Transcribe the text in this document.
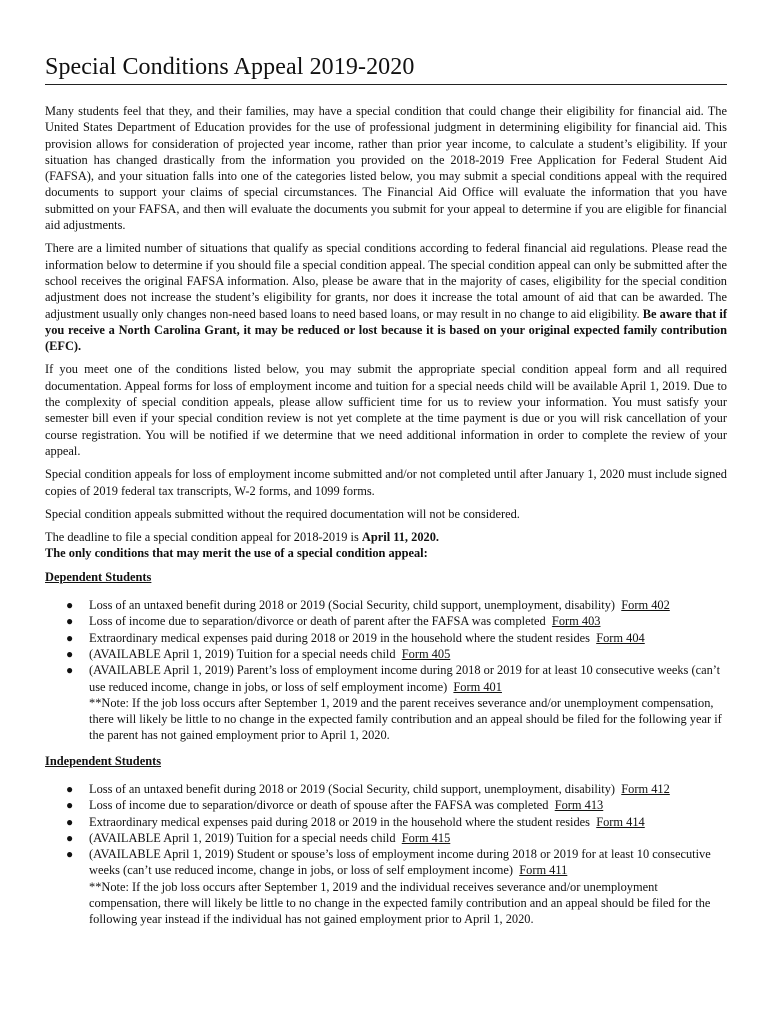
Special Conditions Appeal 2019-2020

Many students feel that they, and their families, may have a special condition that could change their eligibility for financial aid. The United States Department of Education provides for the use of professional judgment in determining eligibility for financial aid. This provision allows for consideration of projected year income, rather than prior year income, to calculate a student’s eligibility. If your situation has changed drastically from the information you provided on the 2018-2019 Free Application for Federal Student Aid (FAFSA), and your situation falls into one of the categories listed below, you may submit a special conditions appeal with the required documents to support your claims of special circumstances. The Financial Aid Office will evaluate the information that you have submitted on your FAFSA, and then will evaluate the documents you submit for your appeal to determine if you are eligible for financial aid adjustments.

There are a limited number of situations that qualify as special conditions according to federal financial aid regulations. Please read the information below to determine if you should file a special condition appeal. The special condition appeal can only be submitted after the school receives the original FAFSA information. Also, please be aware that in the majority of cases, eligibility for the special condition adjustment does not increase the student’s eligibility for grants, nor does it increase the total amount of aid that can be awarded. The adjustment usually only changes non-need based loans to need based loans, or may result in no change to aid eligibility. Be aware that if you receive a North Carolina Grant, it may be reduced or lost because it is based on your original expected family contribution (EFC).

If you meet one of the conditions listed below, you may submit the appropriate special condition appeal form and all required documentation. Appeal forms for loss of employment income and tuition for a special needs child will be available April 1, 2019. Due to the complexity of special condition appeals, please allow sufficient time for us to review your information. You must satisfy your semester bill even if your special condition review is not yet complete at the time payment is due or you will risk cancellation of your course registration. You will be notified if we determine that we need additional information in order to complete the review of your appeal.

Special condition appeals for loss of employment income submitted and/or not completed until after January 1, 2020 must include signed copies of 2019 federal tax transcripts, W-2 forms, and 1099 forms.

Special condition appeals submitted without the required documentation will not be considered.

The deadline to file a special condition appeal for 2018-2019 is April 11, 2020.

The only conditions that may merit the use of a special condition appeal:

Dependent Students

● Loss of an untaxed benefit during 2018 or 2019 (Social Security, child support, unemployment, disability) Form 402
● Loss of income due to separation/divorce or death of parent after the FAFSA was completed Form 403
● Extraordinary medical expenses paid during 2018 or 2019 in the household where the student resides Form 404
● (AVAILABLE April 1, 2019) Tuition for a special needs child Form 405
● (AVAILABLE April 1, 2019) Parent’s loss of employment income during 2018 or 2019 for at least 10 consecutive weeks (can’t use reduced income, change in jobs, or loss of self employment income) Form 401
**Note: If the job loss occurs after September 1, 2019 and the parent receives severance and/or unemployment compensation, there will likely be little to no change in the expected family contribution and an appeal should be filed for the following year if the parent has not gained employment prior to April 1, 2020.

Independent Students

● Loss of an untaxed benefit during 2018 or 2019 (Social Security, child support, unemployment, disability) Form 412
● Loss of income due to separation/divorce or death of spouse after the FAFSA was completed Form 413
● Extraordinary medical expenses paid during 2018 or 2019 in the household where the student resides Form 414
● (AVAILABLE April 1, 2019) Tuition for a special needs child Form 415
● (AVAILABLE April 1, 2019) Student or spouse’s loss of employment income during 2018 or 2019 for at least 10 consecutive weeks (can’t use reduced income, change in jobs, or loss of self employment income) Form 411
**Note: If the job loss occurs after September 1, 2019 and the individual receives severance and/or unemployment compensation, there will likely be little to no change in the expected family contribution and an appeal should be filed for the following year instead if the individual has not gained employment prior to April 1, 2020.
